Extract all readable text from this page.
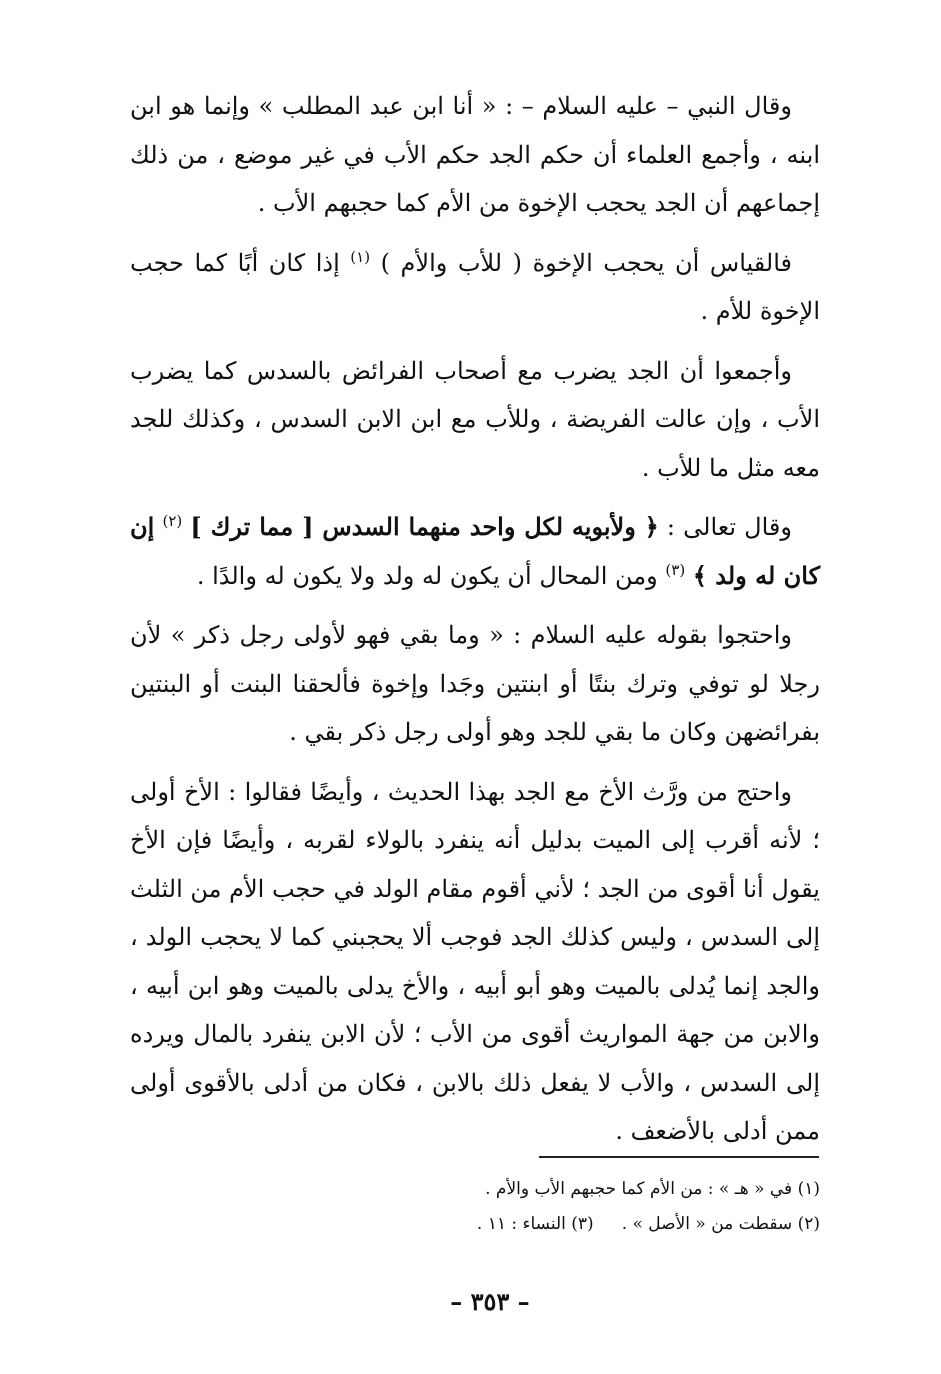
وقال النبي – عليه السلام – : « أنا ابن عبد المطلب » وإنما هو ابن ابنه ، وأجمع العلماء أن حكم الجد حكم الأب في غير موضع ، من ذلك إجماعهم أن الجد يحجب الإخوة من الأم كما حجبهم الأب .

فالقياس أن يحجب الإخوة ( للأب والأم ) $^{(١)}$ إذا كان أبًا كما حجب الإخوة للأم .

وأجمعوا أن الجد يضرب مع أصحاب الفرائض بالسدس كما يضرب الأب ، وإن عالت الفريضة ، وللأب مع ابن الابن السدس ، وكذلك للجد معه مثل ما للأب .

وقال تعالى : ﴿ ولأبويه لكل واحد منهما السدس [ مما ترك ] $^{(٢)}$ إن كان له ولد ﴾ $^{(٣)}$ ومن المحال أن يكون له ولد ولا يكون له والدًا .

واحتجوا بقوله عليه السلام : « وما بقي فهو لأولى رجل ذكر » لأن رجلا لو توفي وترك بنتًا أو ابنتين وجَدا وإخوة فألحقنا البنت أو البنتين بفرائضهن وكان ما بقي للجد وهو أولى رجل ذكر بقي .

واحتج من ورَّث الأخ مع الجد بهذا الحديث ، وأيضًا فقالوا : الأخ أولى ؛ لأنه أقرب إلى الميت بدليل أنه ينفرد بالولاء لقربه ، وأيضًا فإن الأخ يقول أنا أقوى من الجد ؛ لأني أقوم مقام الولد في حجب الأم من الثلث إلى السدس ، وليس كذلك الجد فوجب ألا يحجبني كما لا يحجب الولد ، والجد إنما يُدلى بالميت وهو أبو أبيه ، والأخ يدلى بالميت وهو ابن أبيه ، والابن من جهة المواريث أقوى من الأب ؛ لأن الابن ينفرد بالمال ويرده إلى السدس ، والأب لا يفعل ذلك بالابن ، فكان من أدلى بالأقوى أولى ممن أدلى بالأضعف .

(١) في « هـ » : من الأم كما حجبهم الأب والأم .
(٢) سقطت من « الأصل » .(٣) النساء : ١١ .
– ٣٥٣ –
